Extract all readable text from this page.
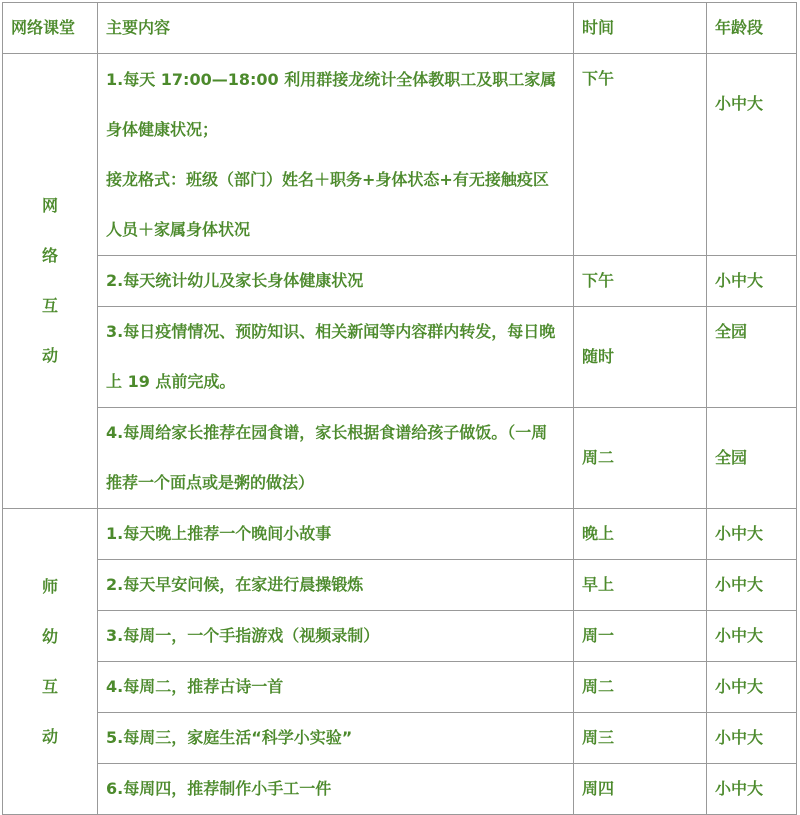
网络课堂	主要内容	时间	年龄段

网
络
互
动	1.每天 17:00—18:00 利用群接龙统计全体教职工及职工家属
身体健康状况；
接龙格式：班级（部门）姓名＋职务+身体状态+有无接触疫区
人员＋家属身体状况	下午	小中大
	2.每天统计幼儿及家长身体健康状况	下午	小中大

	3.每日疫情情况、预防知识、相关新闻等内容群内转发，每日晚
上 19 点前完成。	随时	全园

	4.每周给家长推荐在园食谱，家长根据食谱给孩子做饭。（一周
推荐一个面点或是粥的做法）	周二	全园

师
幼
互
动	1.每天晚上推荐一个晚间小故事	晚上	小中大
	2.每天早安问候，在家进行晨操锻炼	早上	小中大
	3.每周一，一个手指游戏（视频录制）	周一	小中大
	4.每周二，推荐古诗一首	周二	小中大
	5.每周三，家庭生活“科学小实验”	周三	小中大
	6.每周四，推荐制作小手工一件	周四	小中大
